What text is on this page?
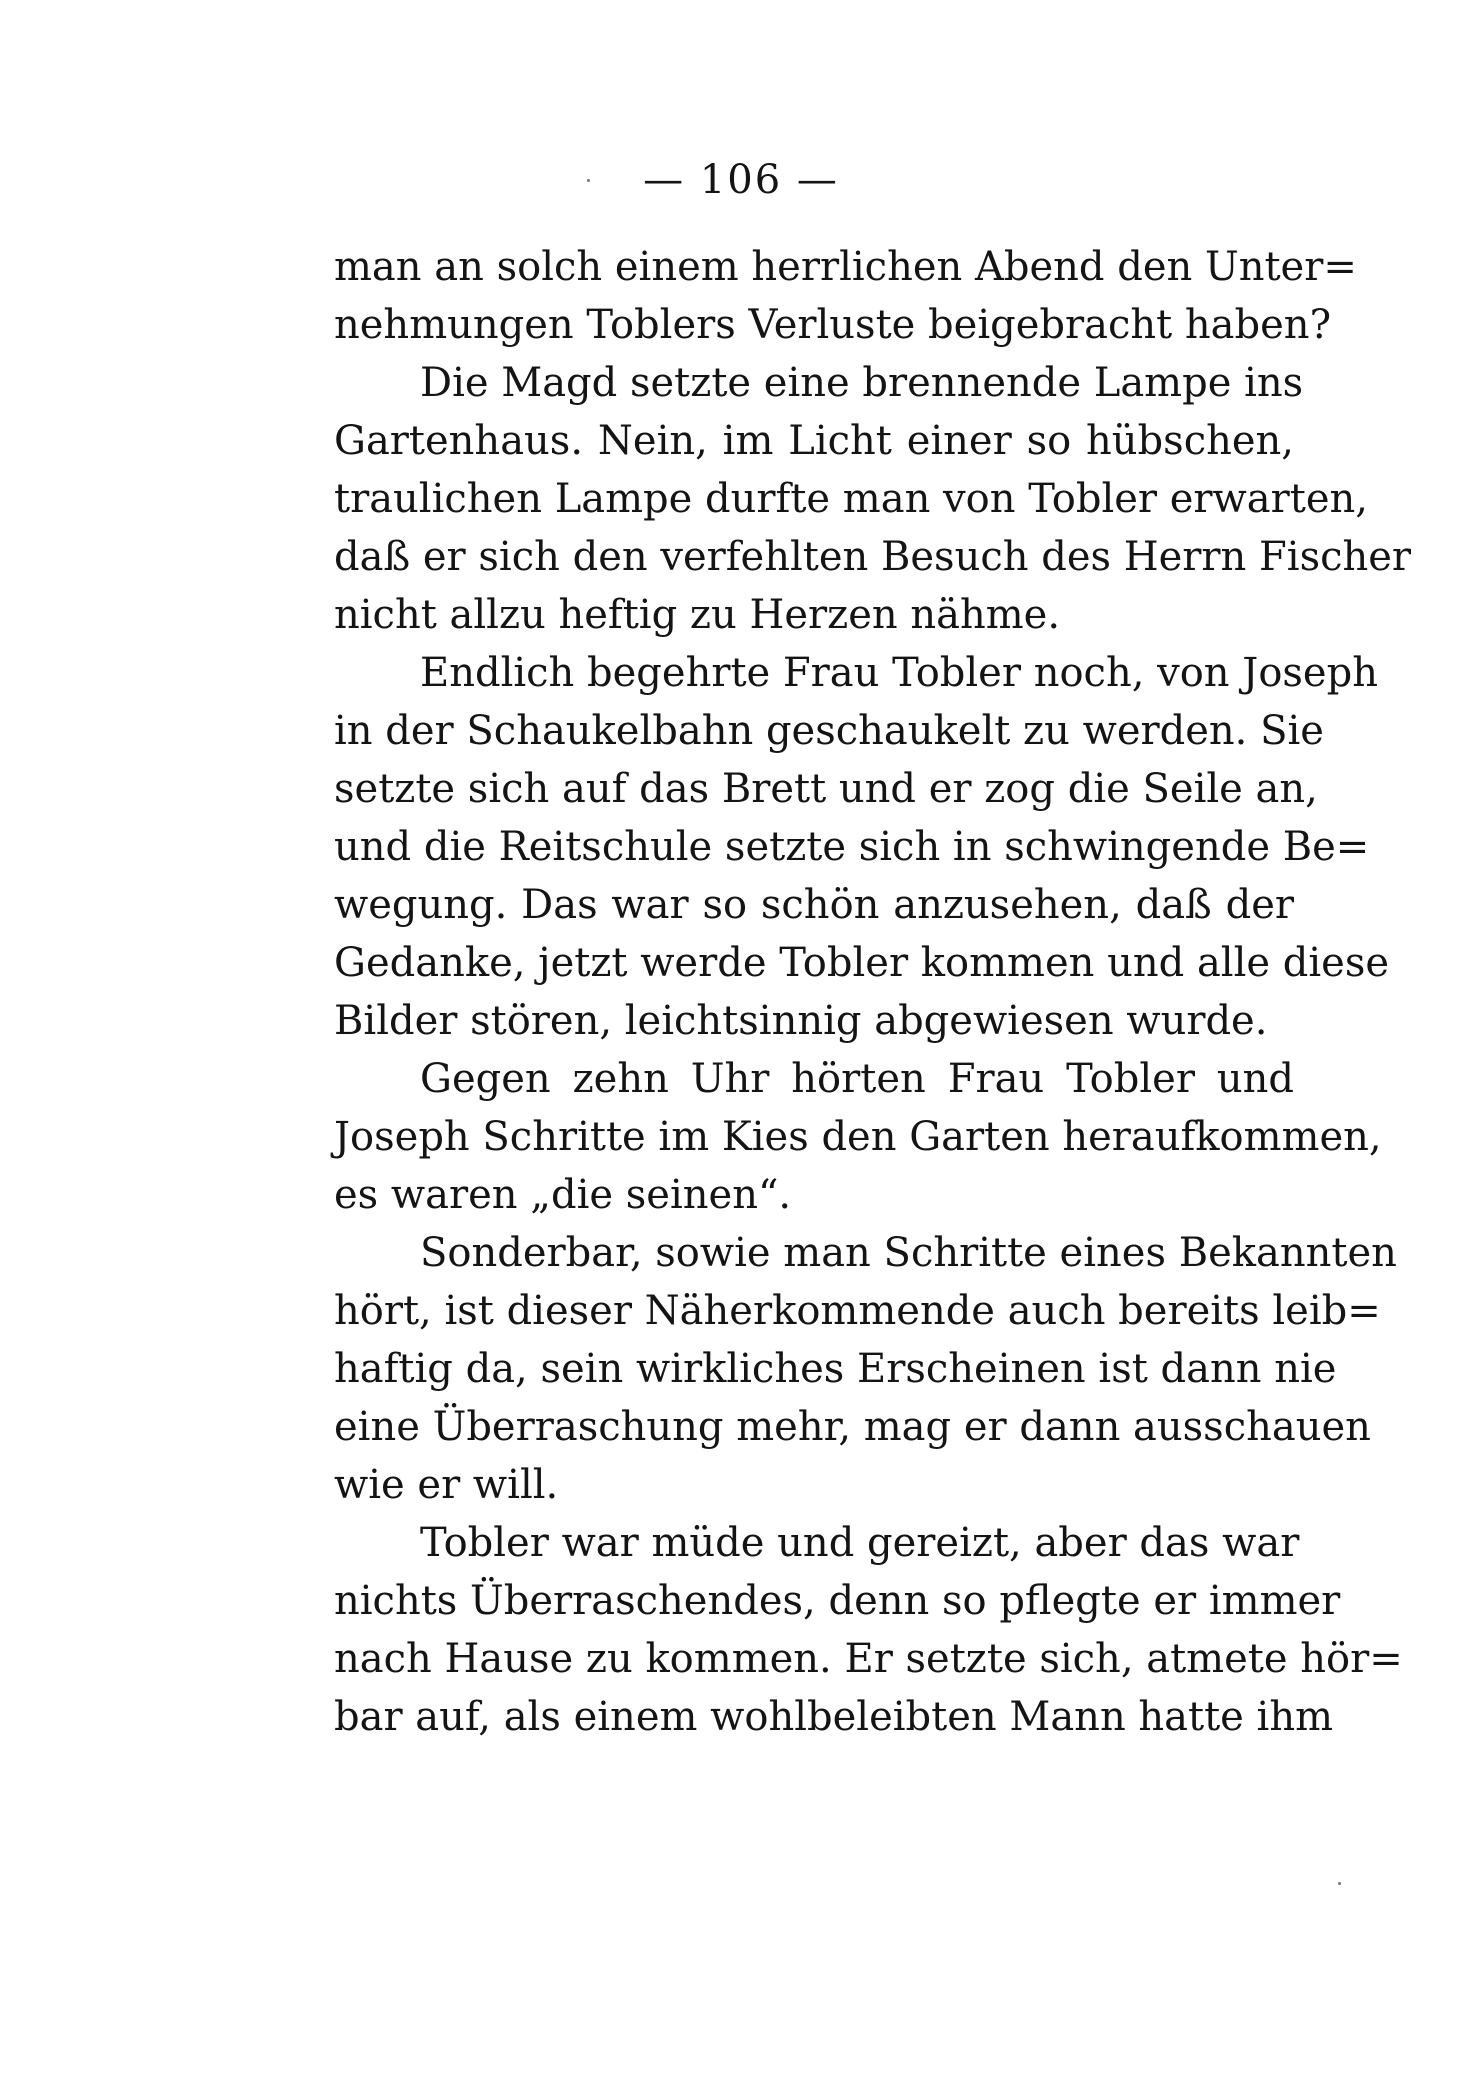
— 106 —
man an solch einem herrlichen Abend den Unter=
nehmungen Toblers Verluste beigebracht haben?
Die Magd setzte eine brennende Lampe ins
Gartenhaus. Nein, im Licht einer so hübschen,
traulichen Lampe durfte man von Tobler erwarten,
daß er sich den verfehlten Besuch des Herrn Fischer
nicht allzu heftig zu Herzen nähme.
Endlich begehrte Frau Tobler noch, von Joseph
in der Schaukelbahn geschaukelt zu werden. Sie
setzte sich auf das Brett und er zog die Seile an,
und die Reitschule setzte sich in schwingende Be=
wegung. Das war so schön anzusehen, daß der
Gedanke, jetzt werde Tobler kommen und alle diese
Bilder stören, leichtsinnig abgewiesen wurde.
Gegen zehn Uhr hörten Frau Tobler und
Joseph Schritte im Kies den Garten heraufkommen,
es waren „die seinen“.
Sonderbar, sowie man Schritte eines Bekannten
hört, ist dieser Näherkommende auch bereits leib=
haftig da, sein wirkliches Erscheinen ist dann nie
eine Überraschung mehr, mag er dann ausschauen
wie er will.
Tobler war müde und gereizt, aber das war
nichts Überraschendes, denn so pflegte er immer
nach Hause zu kommen. Er setzte sich, atmete hör=
bar auf, als einem wohlbeleibten Mann hatte ihm
